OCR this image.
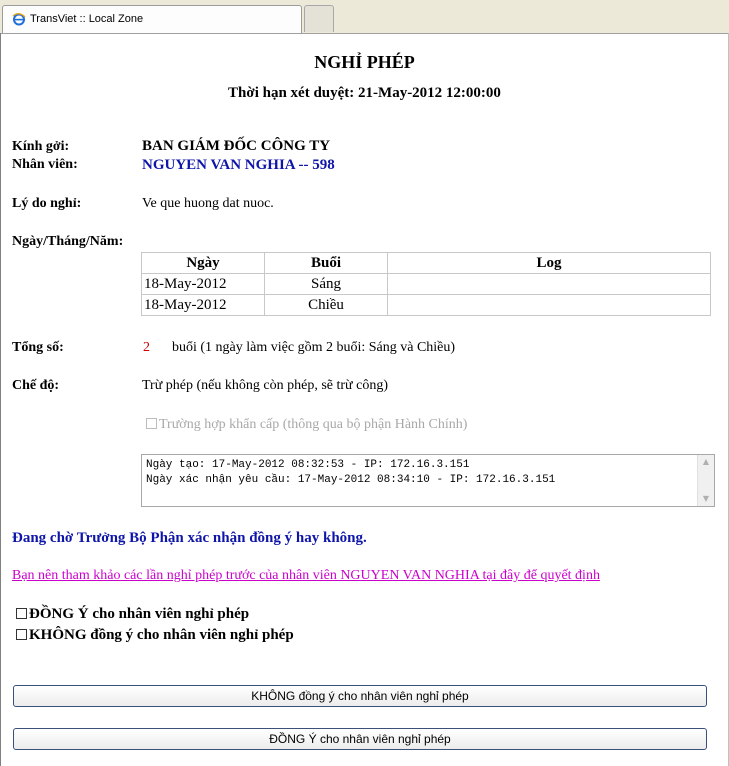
TransViet :: Local Zone
NGHỈ PHÉP
Thời hạn xét duyệt: 21-May-2012 12:00:00
Kính gởi:	BAN GIÁM ĐỐC CÔNG TY
Nhân viên:	NGUYEN VAN NGHIA -- 598
Lý do nghỉ:	Ve que huong dat nuoc.
Ngày/Tháng/Năm:
Ngày	Buổi	Log
18-May-2012	Sáng	
18-May-2012	Chiều	
Tổng số:	2 buổi (1 ngày làm việc gồm 2 buổi: Sáng và Chiều)
Chế độ:	Trừ phép (nếu không còn phép, sẽ trừ công)
Trường hợp khẩn cấp (thông qua bộ phận Hành Chính)
Ngày tạo: 17-May-2012 08:32:53 - IP: 172.16.3.151
Ngày xác nhận yêu cầu: 17-May-2012 08:34:10 - IP: 172.16.3.151
▲
▼
Đang chờ Trưởng Bộ Phận xác nhận đồng ý hay không.
Bạn nên tham khảo các lần nghỉ phép trước của nhân viên NGUYEN VAN NGHIA tại đây để quyết định
ĐỒNG Ý cho nhân viên nghỉ phép
KHÔNG đồng ý cho nhân viên nghỉ phép
KHÔNG đồng ý cho nhân viên nghỉ phép
ĐỒNG Ý cho nhân viên nghỉ phép
